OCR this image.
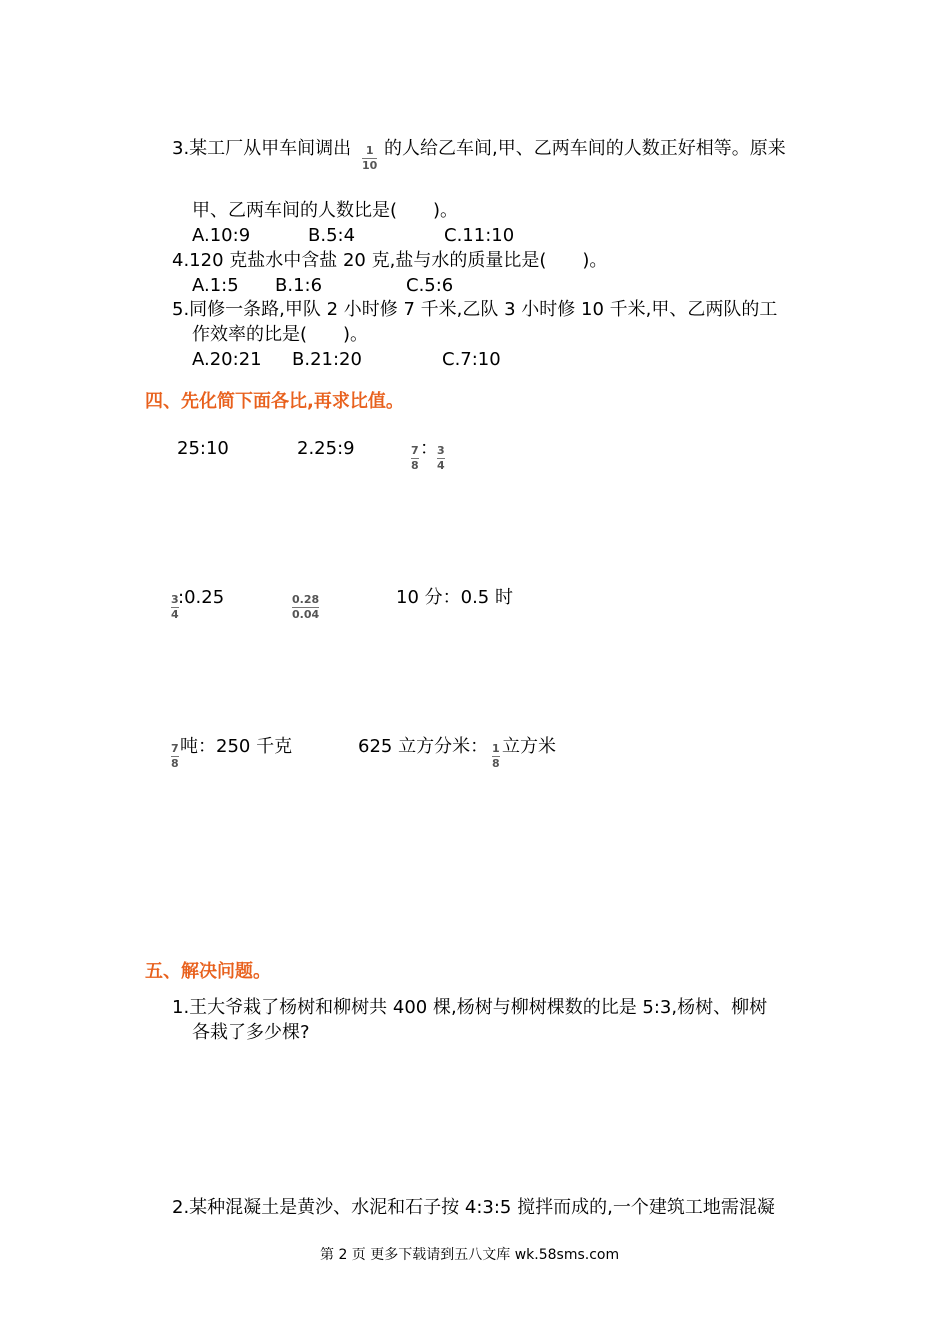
3.某工厂从甲车间调出 1
10
的人给乙车间,甲、乙两车间的人数正好相等。原来
甲、乙两车间的人数比是(　　)。
A.10:9	B.5:4	C.11:10
4.120 克盐水中含盐 20 克,盐与水的质量比是(　　)。
A.1:5 B.1:6	C.5:6
5.同修一条路,甲队 2 小时修 7 千米,乙队 3 小时修 10 千米,甲、乙两队的工
作效率的比是(　　)。
A.20:21 B.21:20	C.7:10
四、先化简下面各比,再求比值。
25:10	2.25:9	7
8
： 3
4
3
4
:0.25	0.28
0.04
10 分：0.5 时
7
8
吨：250 千克	625 立方分米： 1
8
立方米
五、解决问题。
1.王大爷栽了杨树和柳树共 400 棵,杨树与柳树棵数的比是 5:3,杨树、柳树
各栽了多少棵?
2.某种混凝土是黄沙、水泥和石子按 4:3:5 搅拌而成的,一个建筑工地需混凝
第 2 页 更多下载请到五八文库 wk.58sms.com
